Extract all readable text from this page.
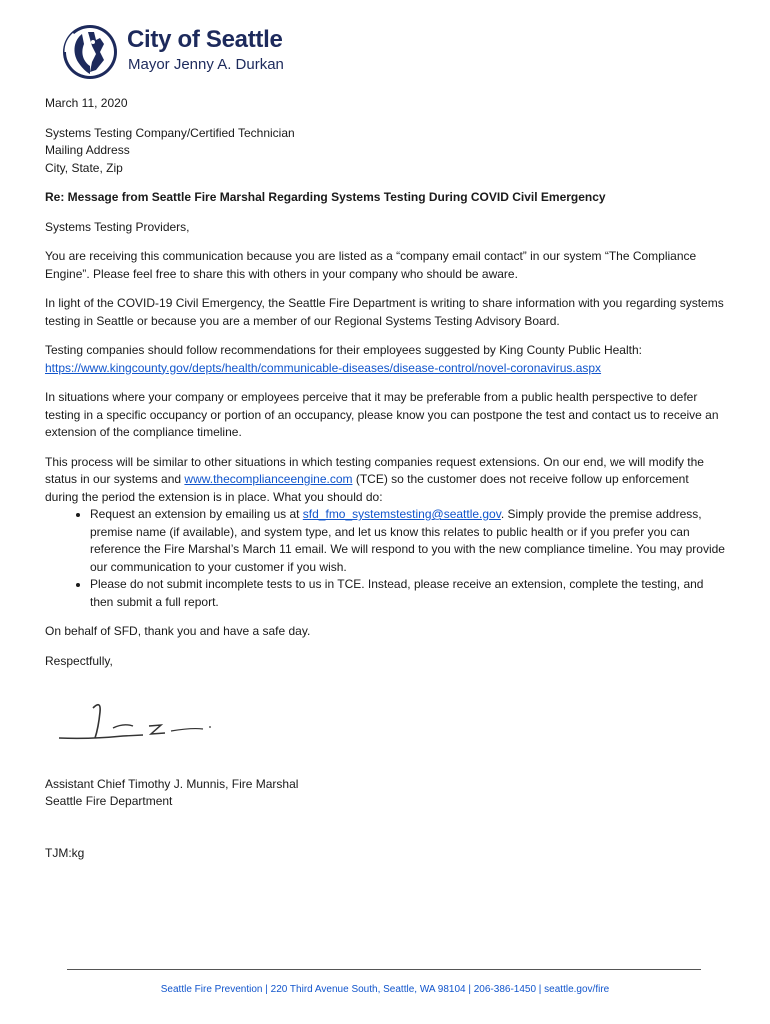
City of Seattle
Mayor Jenny A. Durkan

March 11, 2020

Systems Testing Company/Certified Technician
Mailing Address
City, State, Zip

Re: Message from Seattle Fire Marshal Regarding Systems Testing During COVID Civil Emergency

Systems Testing Providers,

You are receiving this communication because you are listed as a “company email contact” in our system “The Compliance Engine”. Please feel free to share this with others in your company who should be aware.

In light of the COVID-19 Civil Emergency, the Seattle Fire Department is writing to share information with you regarding systems testing in Seattle or because you are a member of our Regional Systems Testing Advisory Board.

Testing companies should follow recommendations for their employees suggested by King County Public Health: https://www.kingcounty.gov/depts/health/communicable-diseases/disease-control/novel-coronavirus.aspx

In situations where your company or employees perceive that it may be preferable from a public health perspective to defer testing in a specific occupancy or portion of an occupancy, please know you can postpone the test and contact us to receive an extension of the compliance timeline.

This process will be similar to other situations in which testing companies request extensions. On our end, we will modify the status in our systems and www.thecomplianceengine.com (TCE) so the customer does not receive follow up enforcement during the period the extension is in place. What you should do:

• Request an extension by emailing us at sfd_fmo_systemstesting@seattle.gov. Simply provide the premise address, premise name (if available), and system type, and let us know this relates to public health or if you prefer you can reference the Fire Marshal’s March 11 email. We will respond to you with the new compliance timeline. You may provide our communication to your customer if you wish.
• Please do not submit incomplete tests to us in TCE. Instead, please receive an extension, complete the testing, and then submit a full report.

On behalf of SFD, thank you and have a safe day.

Respectfully,

Assistant Chief Timothy J. Munnis, Fire Marshal
Seattle Fire Department

TJM:kg

Seattle Fire Prevention | 220 Third Avenue South, Seattle, WA 98104 | 206-386-1450 | seattle.gov/fire
